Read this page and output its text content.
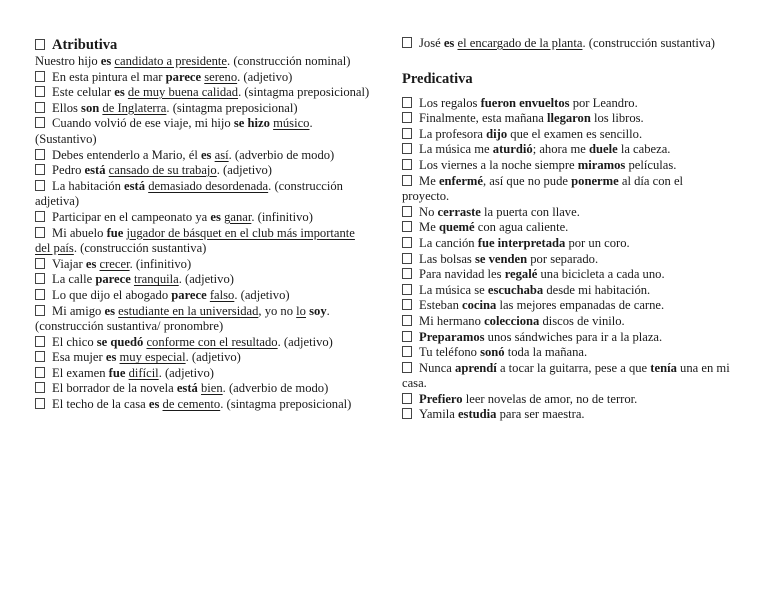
Atributiva

Nuestro hijo es candidato a presidente. (construcción nominal)

En esta pintura el mar parece sereno. (adjetivo)

Este celular es de muy buena calidad. (sintagma preposicional)

Ellos son de Inglaterra. (sintagma preposicional)

Cuando volvió de ese viaje, mi hijo se hizo músico. (Sustantivo)

Debes entenderlo a Mario, él es así. (adverbio de modo)

Pedro está cansado de su trabajo. (adjetivo)

La habitación está demasiado desordenada. (construcción adjetiva)

Participar en el campeonato ya es ganar. (infinitivo)

Mi abuelo fue jugador de básquet en el club más importante del país. (construcción sustantiva)

Viajar es crecer. (infinitivo)

La calle parece tranquila. (adjetivo)

Lo que dijo el abogado parece falso. (adjetivo)

Mi amigo es estudiante en la universidad, yo no lo soy. (construcción sustantiva/ pronombre)

El chico se quedó conforme con el resultado. (adjetivo)

Esa mujer es muy especial. (adjetivo)

El examen fue difícil. (adjetivo)

El borrador de la novela está bien. (adverbio de modo)

El techo de la casa es de cemento. (sintagma preposicional)

José es el encargado de la planta. (construcción sustantiva)

Predicativa

Los regalos fueron envueltos por Leandro.

Finalmente, esta mañana llegaron los libros.

La profesora dijo que el examen es sencillo.

La música me aturdió; ahora me duele la cabeza.

Los viernes a la noche siempre miramos películas.

Me enfermé, así que no pude ponerme al día con el proyecto.

No cerraste la puerta con llave.

Me quemé con agua caliente.

La canción fue interpretada por un coro.

Las bolsas se venden por separado.

Para navidad les regalé una bicicleta a cada uno.

La música se escuchaba desde mi habitación.

Esteban cocina las mejores empanadas de carne.

Mi hermano colecciona discos de vinilo.

Preparamos unos sándwiches para ir a la plaza.

Tu teléfono sonó toda la mañana.

Nunca aprendí a tocar la guitarra, pese a que tenía una en mi casa.

Prefiero leer novelas de amor, no de terror.

Yamila estudia para ser maestra.
